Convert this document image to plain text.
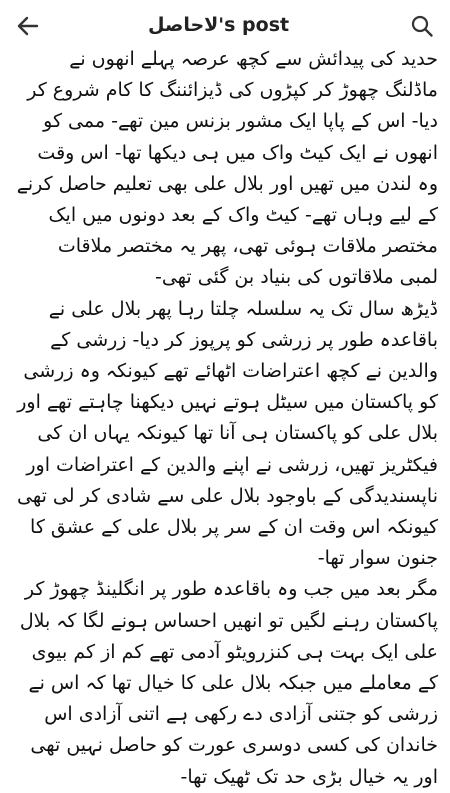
لاحاصل's post

حدید کی پیدائش سے کچھ عرصہ پہلے انھوں نے ماڈلنگ چھوڑ کر کپڑوں کی ڈیزائننگ کا کام شروع کر دیا- اس کے پاپا ایک مشور بزنس مین تھے- ممی کو انھوں نے ایک کیٹ واک میں ہی دیکھا تھا- اس وقت وہ لندن میں تھیں اور بلال علی بھی تعلیم حاصل کرنے کے لیے وہاں تھے- کیٹ واک کے بعد دونوں میں ایک مختصر ملاقات ہوئی تھی، پھر یہ مختصر ملاقات لمبی ملاقاتوں کی بنیاد بن گئی تھی-

ڈیڑھ سال تک یہ سلسلہ چلتا رہا پھر بلال علی نے باقاعدہ طور پر زرشی کو پرپوز کر دیا- زرشی کے والدین نے کچھ اعتراضات اٹھائے تھے کیونکہ وہ زرشی کو پاکستان میں سیٹل ہوتے نہیں دیکھنا چاہتے تھے اور بلال علی کو پاکستان ہی آنا تھا کیونکہ یہاں ان کی فیکٹریز تھیں، زرشی نے اپنے والدین کے اعتراضات اور ناپسندیدگی کے باوجود بلال علی سے شادی کر لی تھی کیونکہ اس وقت ان کے سر پر بلال علی کے عشق کا جنون سوار تھا-

مگر بعد میں جب وہ باقاعدہ طور پر انگلینڈ چھوڑ کر پاکستان رہنے لگیں تو انھیں احساس ہونے لگا کہ بلال علی ایک بہت ہی کنزرویٹو آدمی تھے کم از کم بیوی کے معاملے میں جبکہ بلال علی کا خیال تھا کہ اس نے زرشی کو جتنی آزادی دے رکھی ہے اتنی آزادی اس خاندان کی کسی دوسری عورت کو حاصل نہیں تھی اور یہ خیال بڑی حد تک ٹھیک تھا-
